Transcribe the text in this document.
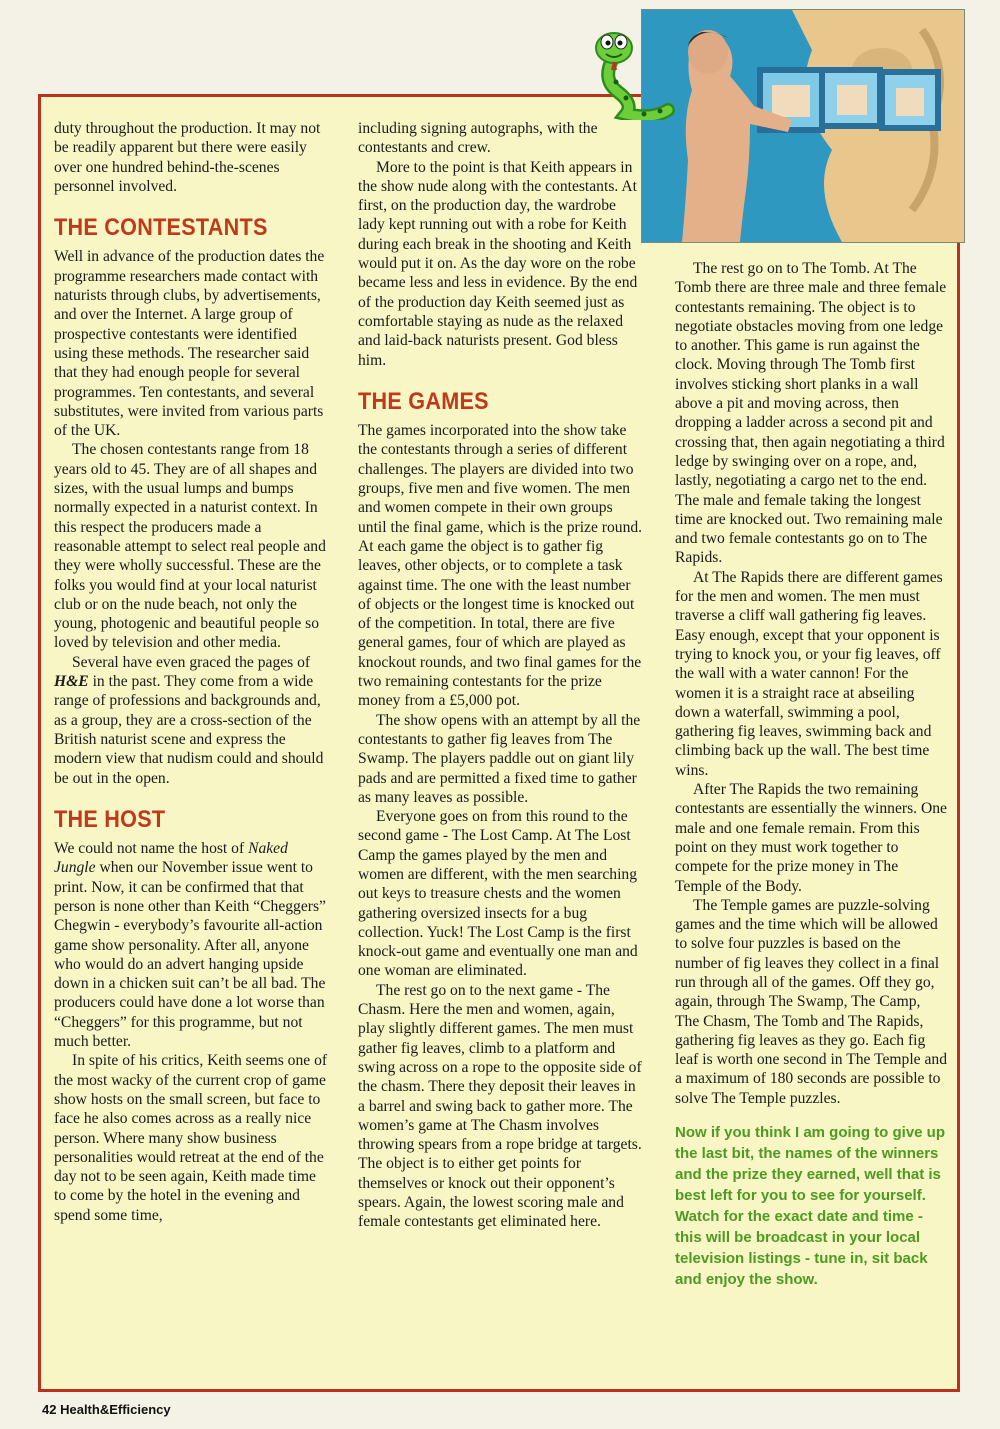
duty throughout the production. It may not be readily apparent but there were easily over one hundred behind-the-scenes personnel involved.

THE CONTESTANTS

Well in advance of the production dates the programme researchers made contact with naturists through clubs, by advertisements, and over the Internet. A large group of prospective contestants were identified using these methods. The researcher said that they had enough people for several programmes. Ten contestants, and several substitutes, were invited from various parts of the UK.

The chosen contestants range from 18 years old to 45. They are of all shapes and sizes, with the usual lumps and bumps normally expected in a naturist context. In this respect the producers made a reasonable attempt to select real people and they were wholly successful. These are the folks you would find at your local naturist club or on the nude beach, not only the young, photogenic and beautiful people so loved by television and other media.

Several have even graced the pages of H&E in the past. They come from a wide range of professions and backgrounds and, as a group, they are a cross-section of the British naturist scene and express the modern view that nudism could and should be out in the open.

THE HOST

We could not name the host of Naked Jungle when our November issue went to print. Now, it can be confirmed that that person is none other than Keith “Cheggers” Chegwin - everybody’s favourite all-action game show personality. After all, anyone who would do an advert hanging upside down in a chicken suit can’t be all bad. The producers could have done a lot worse than “Cheggers” for this programme, but not much better.

In spite of his critics, Keith seems one of the most wacky of the current crop of game show hosts on the small screen, but face to face he also comes across as a really nice person. Where many show business personalities would retreat at the end of the day not to be seen again, Keith made time to come by the hotel in the evening and spend some time,

including signing autographs, with the contestants and crew.

More to the point is that Keith appears in the show nude along with the contestants. At first, on the production day, the wardrobe lady kept running out with a robe for Keith during each break in the shooting and Keith would put it on. As the day wore on the robe became less and less in evidence. By the end of the production day Keith seemed just as comfortable staying as nude as the relaxed and laid-back naturists present. God bless him.

THE GAMES

The games incorporated into the show take the contestants through a series of different challenges. The players are divided into two groups, five men and five women. The men and women compete in their own groups until the final game, which is the prize round. At each game the object is to gather fig leaves, other objects, or to complete a task against time. The one with the least number of objects or the longest time is knocked out of the competition. In total, there are five general games, four of which are played as knockout rounds, and two final games for the two remaining contestants for the prize money from a £5,000 pot.

The show opens with an attempt by all the contestants to gather fig leaves from The Swamp. The players paddle out on giant lily pads and are permitted a fixed time to gather as many leaves as possible.

Everyone goes on from this round to the second game - The Lost Camp. At The Lost Camp the games played by the men and women are different, with the men searching out keys to treasure chests and the women gathering oversized insects for a bug collection. Yuck! The Lost Camp is the first knock-out game and eventually one man and one woman are eliminated.

The rest go on to the next game - The Chasm. Here the men and women, again, play slightly different games. The men must gather fig leaves, climb to a platform and swing across on a rope to the opposite side of the chasm. There they deposit their leaves in a barrel and swing back to gather more. The women’s game at The Chasm involves throwing spears from a rope bridge at targets. The object is to either get points for themselves or knock out their opponent’s spears. Again, the lowest scoring male and female contestants get eliminated here.

The rest go on to The Tomb. At The Tomb there are three male and three female contestants remaining. The object is to negotiate obstacles moving from one ledge to another. This game is run against the clock. Moving through The Tomb first involves sticking short planks in a wall above a pit and moving across, then dropping a ladder across a second pit and crossing that, then again negotiating a third ledge by swinging over on a rope, and, lastly, negotiating a cargo net to the end. The male and female taking the longest time are knocked out. Two remaining male and two female contestants go on to The Rapids.

At The Rapids there are different games for the men and women. The men must traverse a cliff wall gathering fig leaves. Easy enough, except that your opponent is trying to knock you, or your fig leaves, off the wall with a water cannon! For the women it is a straight race at abseiling down a waterfall, swimming a pool, gathering fig leaves, swimming back and climbing back up the wall. The best time wins.

After The Rapids the two remaining contestants are essentially the winners. One male and one female remain. From this point on they must work together to compete for the prize money in The Temple of the Body.

The Temple games are puzzle-solving games and the time which will be allowed to solve four puzzles is based on the number of fig leaves they collect in a final run through all of the games. Off they go, again, through The Swamp, The Camp, The Chasm, The Tomb and The Rapids, gathering fig leaves as they go. Each fig leaf is worth one second in The Temple and a maximum of 180 seconds are possible to solve The Temple puzzles.

Now if you think I am going to give up the last bit, the names of the winners and the prize they earned, well that is best left for you to see for yourself. Watch for the exact date and time - this will be broadcast in your local television listings - tune in, sit back and enjoy the show.
42 Health&Efficiency
